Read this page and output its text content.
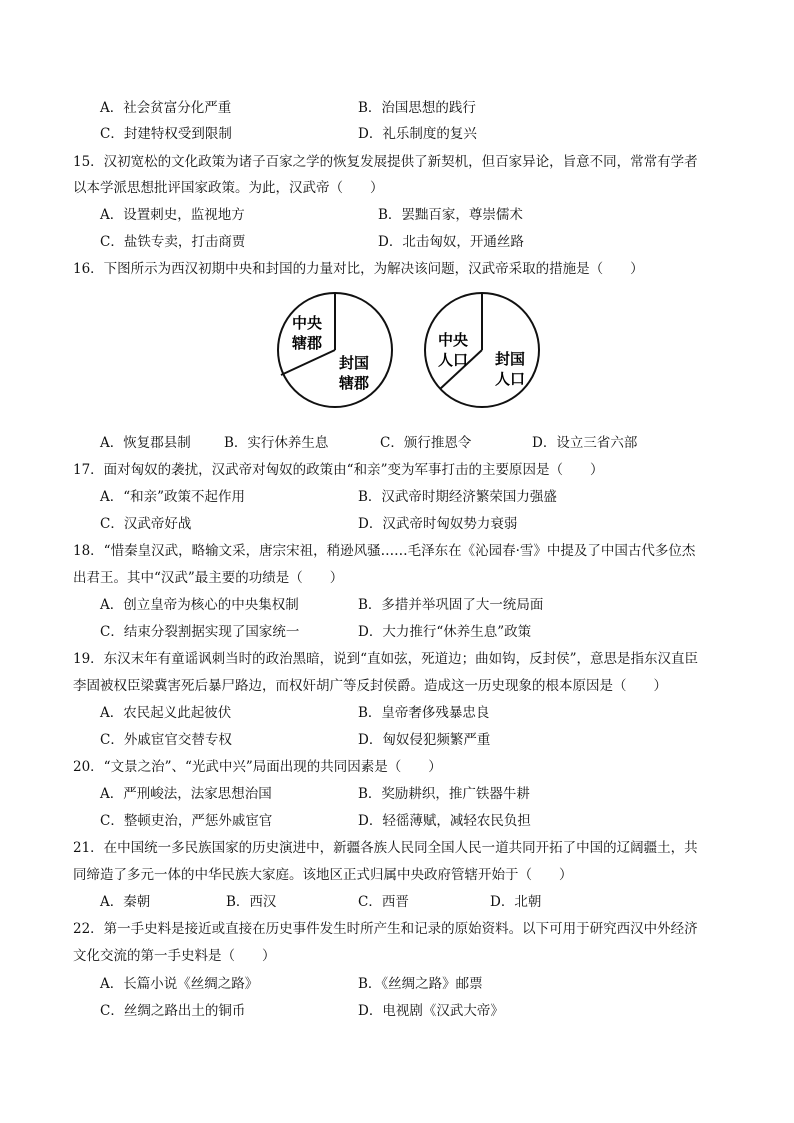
A．社会贫富分化严重	B．治国思想的践行
C．封建特权受到限制	D．礼乐制度的复兴
15．汉初宽松的文化政策为诸子百家之学的恢复发展提供了新契机，但百家异论，旨意不同，常常有学者
以本学派思想批评国家政策。为此，汉武帝（　　）
A．设置刺史，监视地方	B．罢黜百家，尊崇儒术
C．盐铁专卖，打击商贾	D．北击匈奴，开通丝路
16．下图所示为西汉初期中央和封国的力量对比，为解决该问题，汉武帝采取的措施是（　　）
中央
辖郡
封国
辖郡
中央
人口 封国
人口
A．恢复郡县制 B．实行休养生息	C．颁行推恩令	D．设立三省六部
17．面对匈奴的袭扰，汉武帝对匈奴的政策由“和亲”变为军事打击的主要原因是（　　）
A．“和亲”政策不起作用	B．汉武帝时期经济繁荣国力强盛
C．汉武帝好战	D．汉武帝时匈奴势力衰弱
18．“惜秦皇汉武，略输文采，唐宗宋祖，稍逊风骚……毛泽东在《沁园春·雪》中提及了中国古代多位杰
出君王。其中“汉武”最主要的功绩是（　　）
A．创立皇帝为核心的中央集权制	B．多措并举巩固了大一统局面
C．结束分裂割据实现了国家统一	D．大力推行“休养生息”政策
19．东汉末年有童谣讽刺当时的政治黑暗，说到“直如弦，死道边；曲如钩，反封侯”，意思是指东汉直臣
李固被权臣梁冀害死后暴尸路边，而权奸胡广等反封侯爵。造成这一历史现象的根本原因是（　　）
A．农民起义此起彼伏	B．皇帝奢侈残暴忠良
C．外戚宦官交替专权	D．匈奴侵犯频繁严重
20．“文景之治”、“光武中兴”局面出现的共同因素是（　　）
A．严刑峻法，法家思想治国	B．奖励耕织，推广铁器牛耕
C．整顿吏治，严惩外戚宦官	D．轻徭薄赋，减轻农民负担
21．在中国统一多民族国家的历史演进中，新疆各族人民同全国人民一道共同开拓了中国的辽阔疆土，共
同缔造了多元一体的中华民族大家庭。该地区正式归属中央政府管辖开始于（　　）
A．秦朝	B．西汉	C．西晋	D．北朝
22．第一手史料是接近或直接在历史事件发生时所产生和记录的原始资料。以下可用于研究西汉中外经济
文化交流的第一手史料是（　　）
C．丝绸之路出土的铜币	D．电视剧《汉武大帝》
A．长篇小说《丝绸之路》	B．《丝绸之路》邮票
